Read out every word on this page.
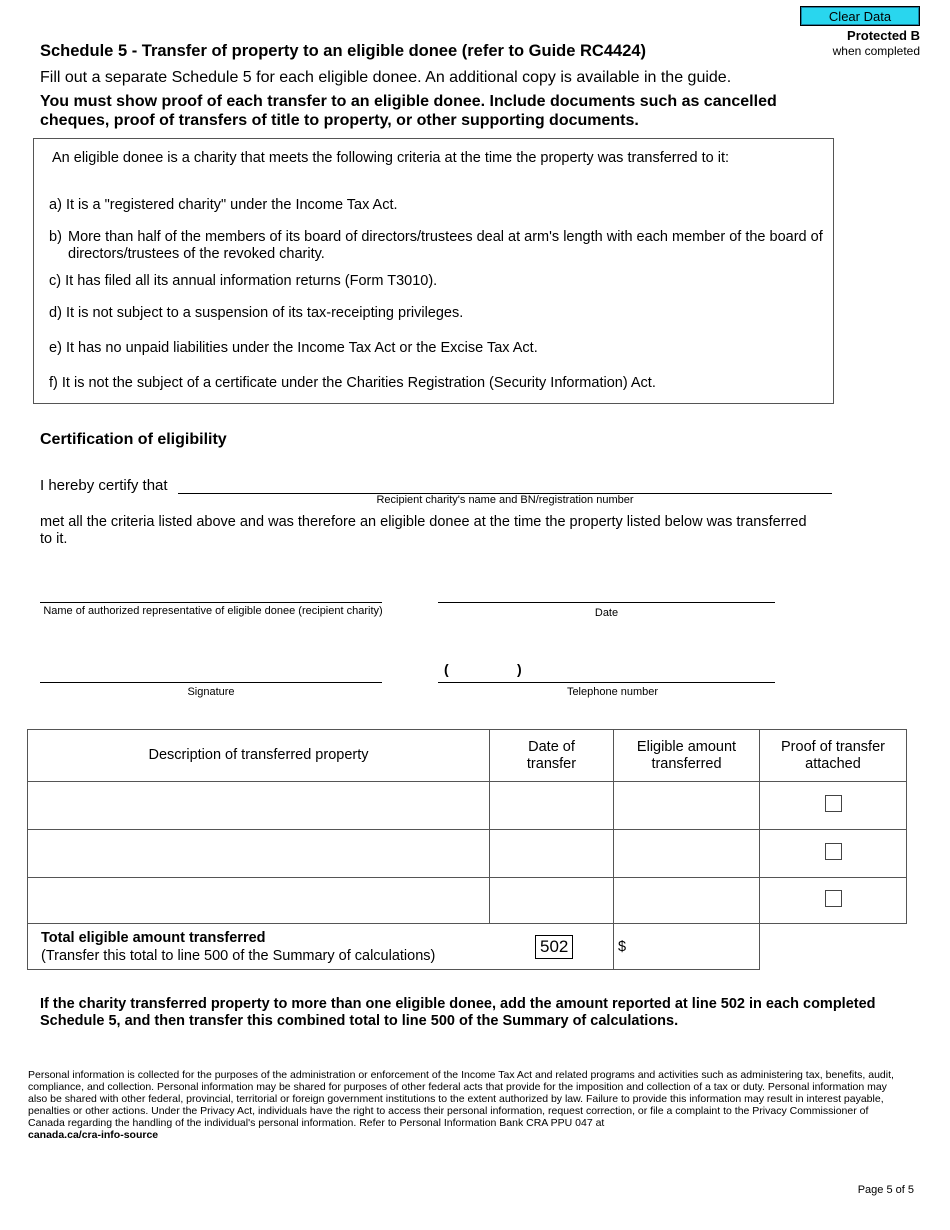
Clear Data
Protected B
when completed
Schedule 5 - Transfer of property to an eligible donee (refer to Guide RC4424)
Fill out a separate Schedule 5 for each eligible donee. An additional copy is available in the guide.
You must show proof of each transfer to an eligible donee. Include documents such as cancelled cheques, proof of transfers of title to property, or other supporting documents.
An eligible donee is a charity that meets the following criteria at the time the property was transferred to it:
a) It is a "registered charity" under the Income Tax Act.
b) More than half of the members of its board of directors/trustees deal at arm's length with each member of the board of directors/trustees of the revoked charity.
c) It has filed all its annual information returns (Form T3010).
d) It is not subject to a suspension of its tax-receipting privileges.
e) It has no unpaid liabilities under the Income Tax Act or the Excise Tax Act.
f) It is not the subject of a certificate under the Charities Registration (Security Information) Act.
Certification of eligibility
I hereby certify that
Recipient charity's name and BN/registration number
met all the criteria listed above and was therefore an eligible donee at the time the property listed below was transferred to it.
Name of authorized representative of eligible donee (recipient charity)	Date
Signature
(	)
Telephone number
Description of transferred property	Date of transfer	Eligible amount transferred	Proof of transfer attached

Total eligible amount transferred
(Transfer this total to line 500 of the Summary of calculations) 502		$	
If the charity transferred property to more than one eligible donee, add the amount reported at line 502 in each completed Schedule 5, and then transfer this combined total to line 500 of the Summary of calculations.
Personal information is collected for the purposes of the administration or enforcement of the Income Tax Act and related programs and activities such as administering tax, benefits, audit, compliance, and collection. Personal information may be shared for purposes of other federal acts that provide for the imposition and collection of a tax or duty. Personal information may also be shared with other federal, provincial, territorial or foreign government institutions to the extent authorized by law. Failure to provide this information may result in interest payable, penalties or other actions. Under the Privacy Act, individuals have the right to access their personal information, request correction, or file a complaint to the Privacy Commissioner of Canada regarding the handling of the individual's personal information. Refer to Personal Information Bank CRA PPU 047 at
canada.ca/cra-info-source
Page 5 of 5
